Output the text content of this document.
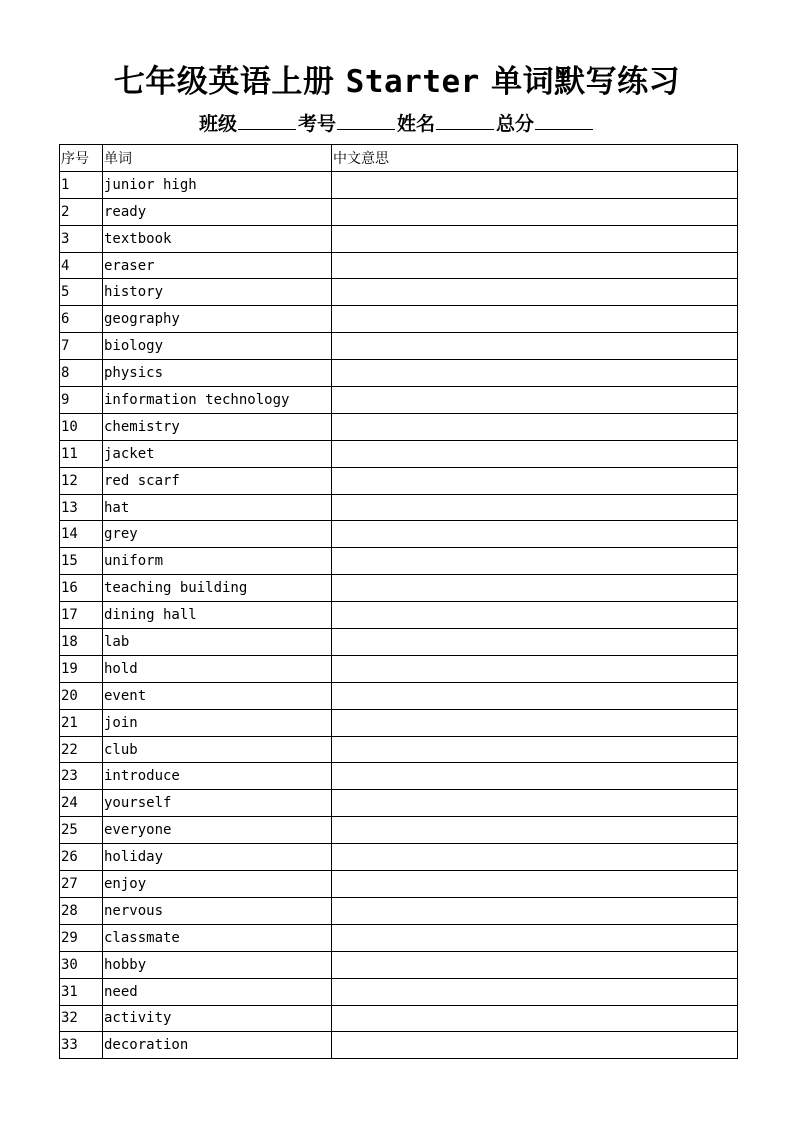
七年级英语上册 Starter 单词默写练习
班级	考号	姓名	总分
序号	单词	中文意思
1	junior high	
2	ready	
3	textbook	
4	eraser	
5	history	
6	geography	
7	biology	
8	physics	
9	information technology	
10	chemistry	
11	jacket	
12	red scarf	
13	hat	
14	grey	
15	uniform	
16	teaching building	
17	dining hall	
18	lab	
19	hold	
20	event	
21	join	
22	club	
23	introduce	
24	yourself	
25	everyone	
26	holiday	
27	enjoy	
28	nervous	
29	classmate	
30	hobby	
31	need	
32	activity	
33	decoration	
